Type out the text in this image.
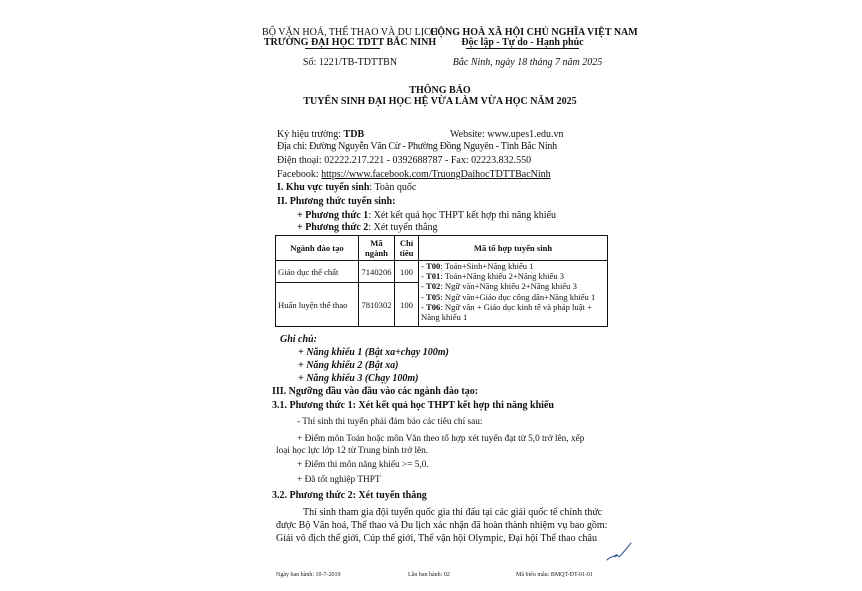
BỘ VĂN HOÁ, THỂ THAO VÀ DU LỊCH
TRƯỜNG ĐẠI HỌC TDTT BẮC NINH
Số: 1221/TB-TDTTBN
CỘNG HOÀ XÃ HỘI CHỦ NGHĨA VIỆT NAM
Độc lập - Tự do - Hạnh phúc
Bắc Ninh, ngày 18 tháng 7 năm 2025
THÔNG BÁO
TUYỂN SINH ĐẠI HỌC HỆ VỪA LÀM VỪA HỌC NĂM 2025
Ký hiệu trường: TDB	Website: www.upes1.edu.vn
Địa chỉ: Đường Nguyễn Văn Cừ - Phường Đồng Nguyên - Tỉnh Bắc Ninh
Điện thoại: 02222.217.221 - 0392688787 - Fax: 02223.832.550
Facebook: https://www.facebook.com/TruongDaihocTDTTBacNinh
I. Khu vực tuyển sinh: Toàn quốc
II. Phương thức tuyển sinh:
+ Phương thức 1: Xét kết quả học THPT kết hợp thi năng khiếu
+ Phương thức 2: Xét tuyển thẳng
Ngành đào tạo	Mã ngành	Chỉ tiêu	Mã tổ hợp tuyển sinh
Giáo dục thể chất	7140206	100	- T00: Toán+Sinh+Năng khiếu 1
- T01: Toán+Năng khiếu 2+Năng khiếu 3
- T02: Ngữ văn+Năng khiếu 2+Năng khiếu 3
- T05: Ngữ văn+Giáo dục công dân+Năng khiếu 1
- T06: Ngữ văn + Giáo dục kinh tế và pháp luật + Năng khiếu 1

Huấn luyện thể thao	7810302	100	
Ghi chú:
+ Năng khiếu 1 (Bật xa+chạy 100m)
+ Năng khiếu 2 (Bật xa)
+ Năng khiếu 3 (Chạy 100m)
III. Ngưỡng đầu vào đầu vào các ngành đào tạo:
3.1. Phương thức 1: Xét kết quả học THPT kết hợp thi năng khiếu
- Thí sinh thi tuyển phải đảm bảo các tiêu chí sau:
+ Điểm môn Toán hoặc môn Văn theo tổ hợp xét tuyển đạt từ 5,0 trở lên, xếp
loại học lực lớp 12 từ Trung bình trở lên.
+ Điểm thi môn năng khiếu >= 5,0.
+ Đã tốt nghiệp THPT
3.2. Phương thức 2: Xét tuyển thẳng
Thí sinh tham gia đội tuyển quốc gia thi đấu tại các giải quốc tế chính thức
được Bộ Văn hoá, Thể thao và Du lịch xác nhận đã hoàn thành nhiệm vụ bao gồm:
Giải vô địch thế giới, Cúp thế giới, Thế vận hội Olympic, Đại hội Thể thao châu
Ngày ban hành: 10-7-2019	Lần ban hành: 02	Mã biểu mẫu: BMQT-ĐT-01-01
